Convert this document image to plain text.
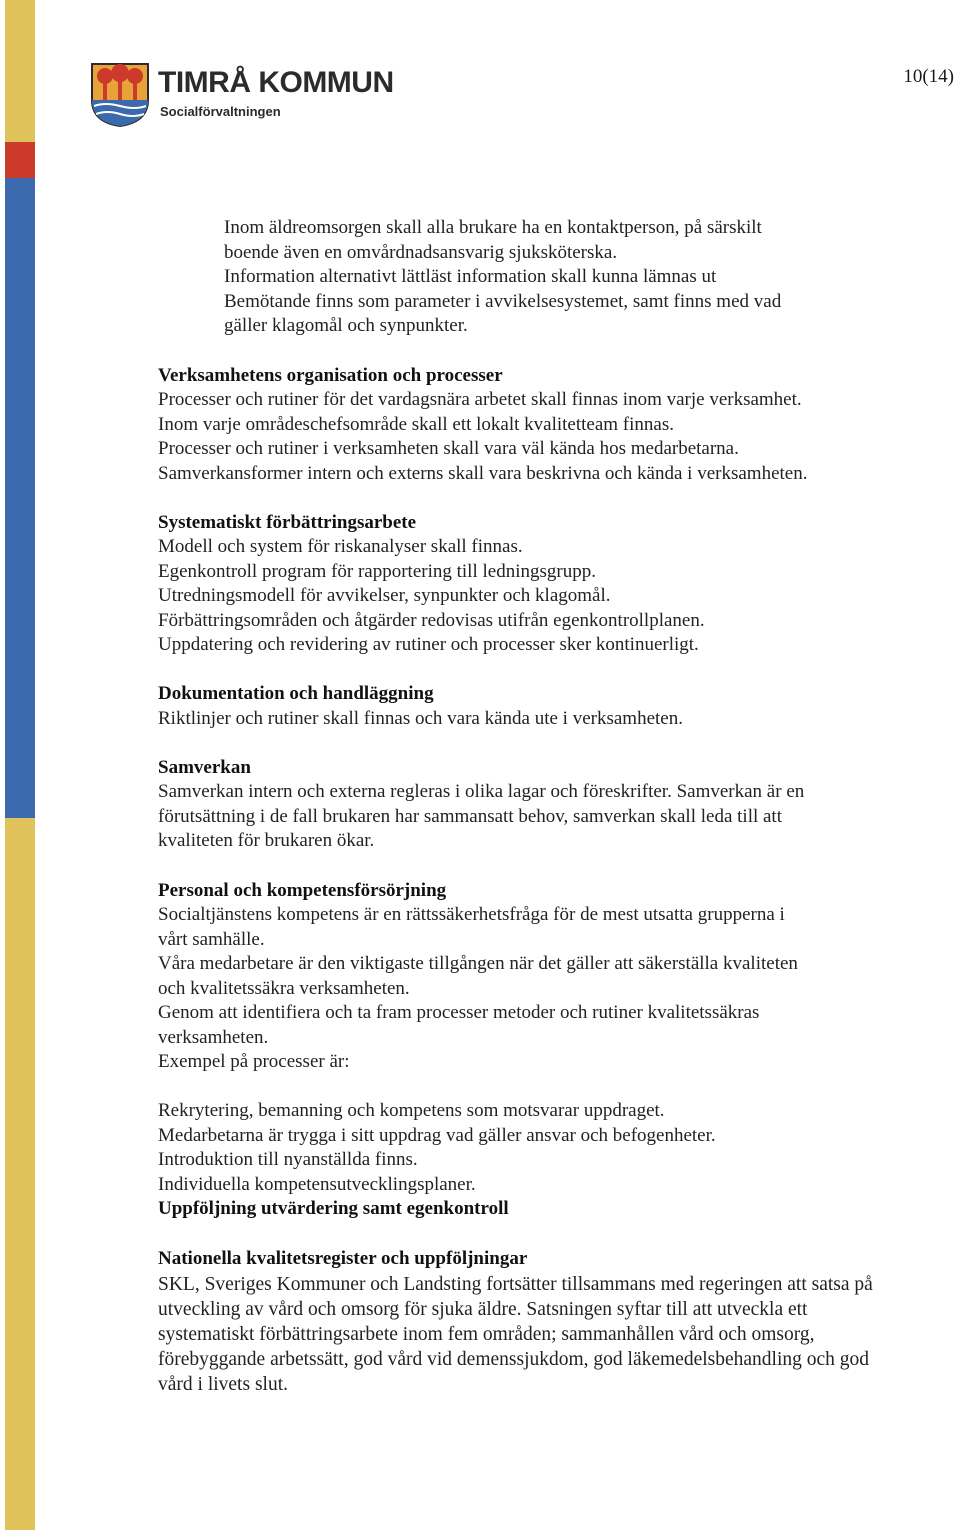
TIMRÅ KOMMUN
Socialförvaltningen
10(14)

Inom äldreomsorgen skall alla brukare ha en kontaktperson, på särskilt

boende även en omvårdnadsansvarig sjuksköterska.

Information alternativt lättläst information skall kunna lämnas ut

Bemötande finns som parameter i avvikelsesystemet, samt finns med vad

gäller klagomål och synpunkter.

Verksamhetens organisation och processer

Processer och rutiner för det vardagsnära arbetet skall finnas inom varje verksamhet.

Inom varje områdeschefsområde skall ett lokalt kvalitetteam finnas.

Processer och rutiner i verksamheten skall vara väl kända hos medarbetarna.

Samverkansformer intern och externs skall vara beskrivna och kända i verksamheten.

Systematiskt förbättringsarbete

Modell och system för riskanalyser skall finnas.

Egenkontroll program för rapportering till ledningsgrupp.

Utredningsmodell för avvikelser, synpunkter och klagomål.

Förbättringsområden och åtgärder redovisas utifrån egenkontrollplanen.

Uppdatering och revidering av rutiner och processer sker kontinuerligt.

Dokumentation och handläggning

Riktlinjer och rutiner skall finnas och vara kända ute i verksamheten.

Samverkan

Samverkan intern och externa regleras i olika lagar och föreskrifter. Samverkan är en

förutsättning i de fall brukaren har sammansatt behov, samverkan skall leda till att

kvaliteten för brukaren ökar.

Personal och kompetensförsörjning

Socialtjänstens kompetens är en rättssäkerhetsfråga för de mest utsatta grupperna i

vårt samhälle.

Våra medarbetare är den viktigaste tillgången när det gäller att säkerställa kvaliteten

och kvalitetssäkra verksamheten.

Genom att identifiera och ta fram processer metoder och rutiner kvalitetssäkras

verksamheten.

Exempel på processer är:

Rekrytering, bemanning och kompetens som motsvarar uppdraget.

Medarbetarna är trygga i sitt uppdrag vad gäller ansvar och befogenheter.

Introduktion till nyanställda finns.

Individuella kompetensutvecklingsplaner.

Uppföljning utvärdering samt egenkontroll

Nationella kvalitetsregister och uppföljningar

SKL, Sveriges Kommuner och Landsting fortsätter tillsammans med regeringen att satsa på

utveckling av vård och omsorg för sjuka äldre. Satsningen syftar till att utveckla ett

systematiskt förbättringsarbete inom fem områden; sammanhållen vård och omsorg,

förebyggande arbetssätt, god vård vid demenssjukdom, god läkemedelsbehandling och god

vård i livets slut.
